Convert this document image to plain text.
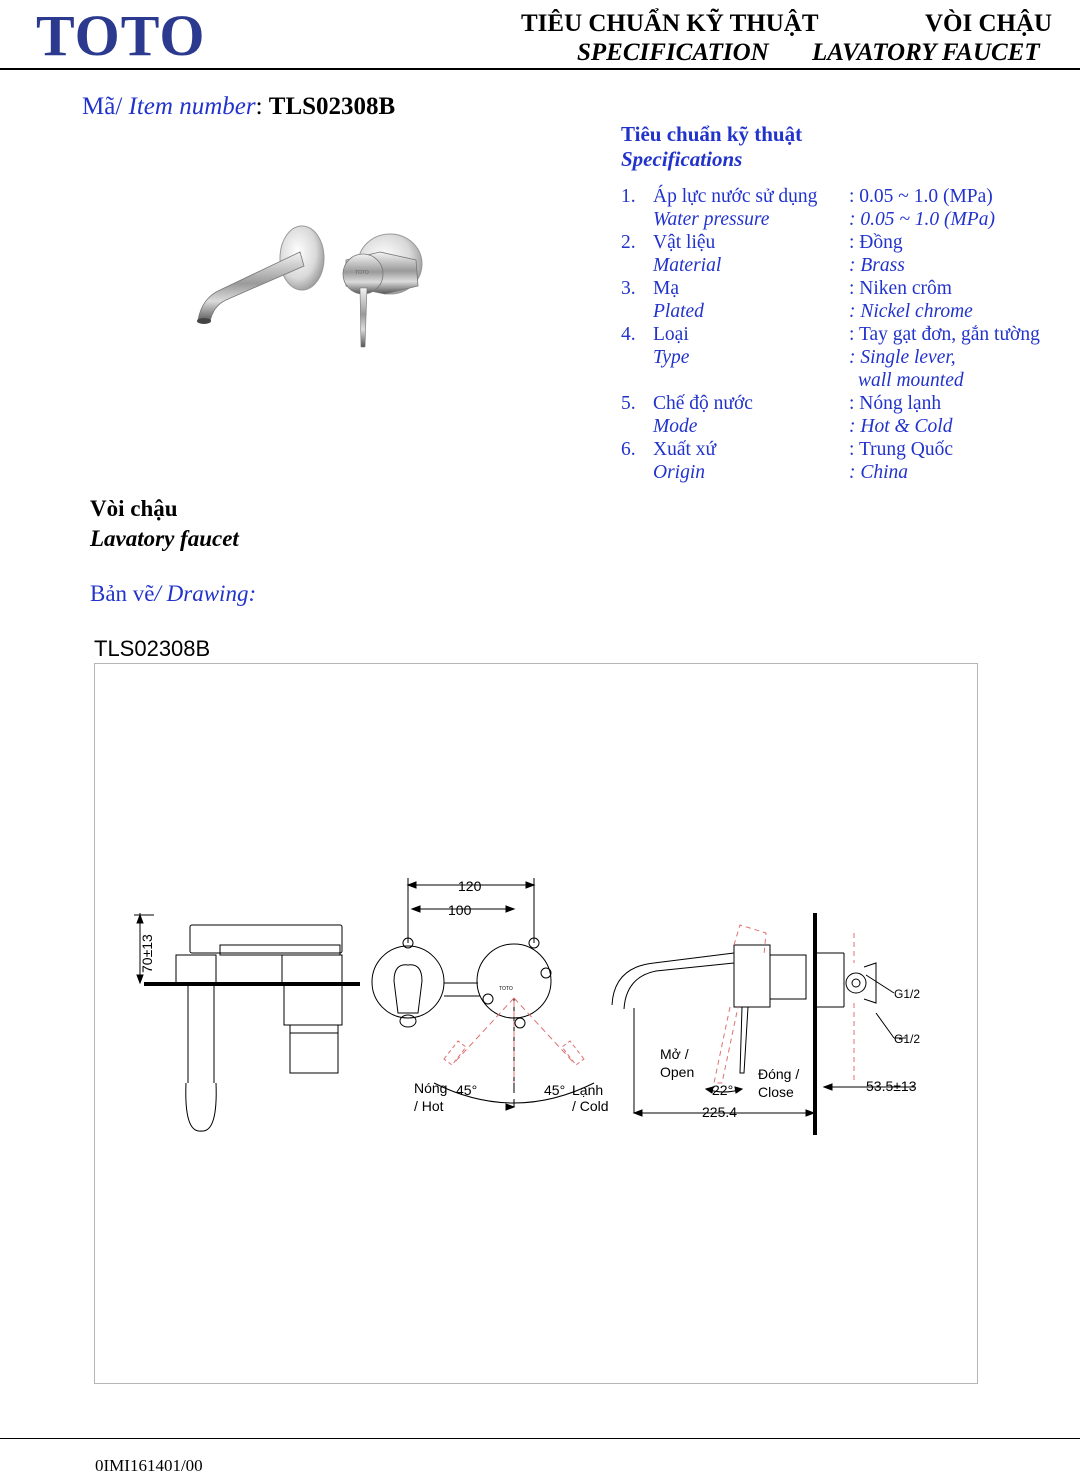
TOTO	TIÊU CHUẨN KỸ THUẬT	VÒI CHẬU
SPECIFICATION LAVATORY FAUCET
Mã/ Item number: TLS02308B
TOTO
Tiêu chuẩn kỹ thuật
Specifications
1. Áp lực nước sử dụng : 0.05 ~ 1.0 (MPa)
Water pressure	: 0.05 ~ 1.0 (MPa)
2. Vật liệu	: Đồng
Material	: Brass
3. Mạ	: Niken crôm
Plated	: Nickel chrome
4. Loại	: Tay gạt đơn, gắn tường
Type	: Single lever,
wall mounted
5. Chế độ nước	: Nóng lạnh
Mode	: Hot & Cold
6. Xuất xứ	: Trung Quốc
Origin	: China
Vòi chậu
Lavatory faucet
Bản vẽ/ Drawing:
TLS02308B
70±13
120
100
TOTO
Nóng
/ Hot
45°	45° Lạnh
/ Cold
Mở /
Open
22°
Đóng /
Close
225.4
53.5±13
G1/2
G1/2
0IMI161401/00
